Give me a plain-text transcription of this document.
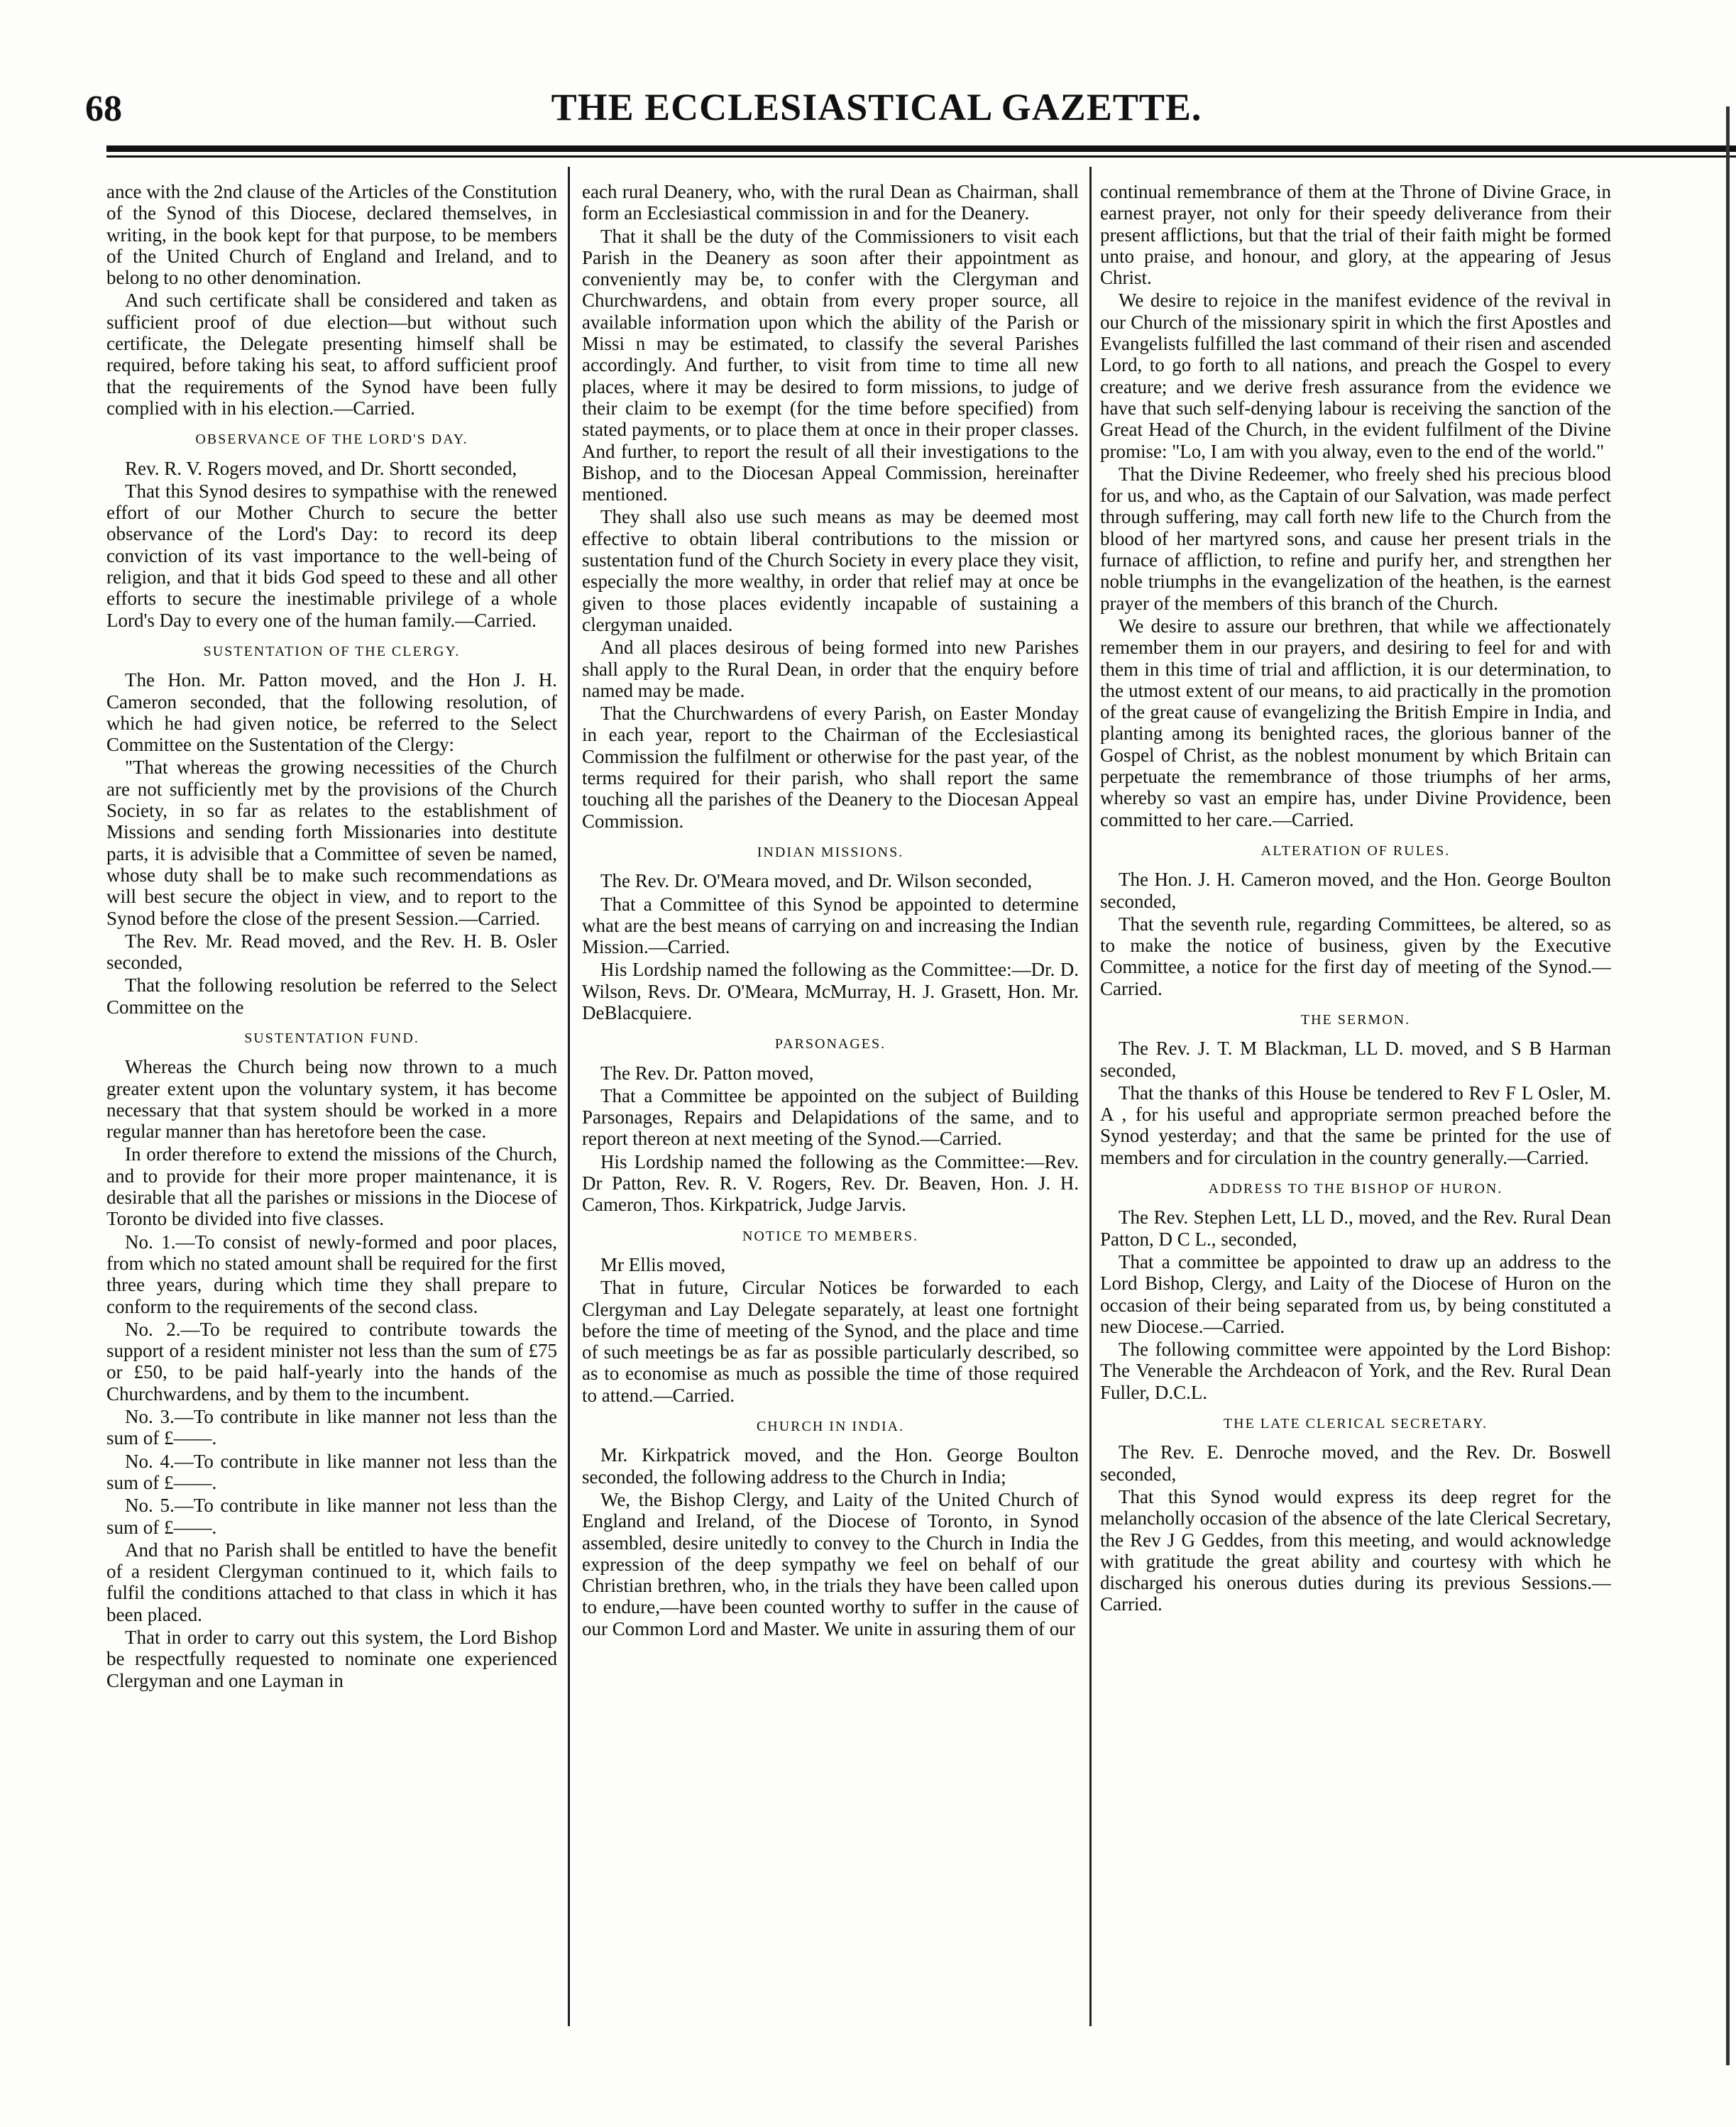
68	THE ECCLESIASTICAL GAZETTE.

ance with the 2nd clause of the Articles of the Constitution of the Synod of this Diocese, declared themselves, in writing, in the book kept for that purpose, to be members of the United Church of England and Ireland, and to belong to no other denomination.

And such certificate shall be considered and taken as sufficient proof of due election—but without such certificate, the Delegate presenting himself shall be required, before taking his seat, to afford sufficient proof that the requirements of the Synod have been fully complied with in his election.—Carried.

OBSERVANCE OF THE LORD'S DAY.

Rev. R. V. Rogers moved, and Dr. Shortt seconded,

That this Synod desires to sympathise with the renewed effort of our Mother Church to secure the better observance of the Lord's Day: to record its deep conviction of its vast importance to the well-being of religion, and that it bids God speed to these and all other efforts to secure the inestimable privilege of a whole Lord's Day to every one of the human family.—Carried.

SUSTENTATION OF THE CLERGY.

The Hon. Mr. Patton moved, and the Hon J. H. Cameron seconded, that the following resolution, of which he had given notice, be referred to the Select Committee on the Sustentation of the Clergy:

"That whereas the growing necessities of the Church are not sufficiently met by the provisions of the Church Society, in so far as relates to the establishment of Missions and sending forth Missionaries into destitute parts, it is advisible that a Committee of seven be named, whose duty shall be to make such recommendations as will best secure the object in view, and to report to the Synod before the close of the present Session.—Carried.

The Rev. Mr. Read moved, and the Rev. H. B. Osler seconded,

That the following resolution be referred to the Select Committee on the

SUSTENTATION FUND.

Whereas the Church being now thrown to a much greater extent upon the voluntary system, it has become necessary that that system should be worked in a more regular manner than has heretofore been the case.

In order therefore to extend the missions of the Church, and to provide for their more proper maintenance, it is desirable that all the parishes or missions in the Diocese of Toronto be divided into five classes.

No. 1.—To consist of newly-formed and poor places, from which no stated amount shall be required for the first three years, during which time they shall prepare to conform to the requirements of the second class.

No. 2.—To be required to contribute towards the support of a resident minister not less than the sum of £75 or £50, to be paid half-yearly into the hands of the Churchwardens, and by them to the incumbent.

No. 3.—To contribute in like manner not less than the sum of £——.

No. 4.—To contribute in like manner not less than the sum of £——.

No. 5.—To contribute in like manner not less than the sum of £——.

And that no Parish shall be entitled to have the benefit of a resident Clergyman continued to it, which fails to fulfil the conditions attached to that class in which it has been placed.

That in order to carry out this system, the Lord Bishop be respectfully requested to nominate one experienced Clergyman and one Layman in

each rural Deanery, who, with the rural Dean as Chairman, shall form an Ecclesiastical commission in and for the Deanery.

That it shall be the duty of the Commissioners to visit each Parish in the Deanery as soon after their appointment as conveniently may be, to confer with the Clergyman and Churchwardens, and obtain from every proper source, all available information upon which the ability of the Parish or Missi n may be estimated, to classify the several Parishes accordingly. And further, to visit from time to time all new places, where it may be desired to form missions, to judge of their claim to be exempt (for the time before specified) from stated payments, or to place them at once in their proper classes. And further, to report the result of all their investigations to the Bishop, and to the Diocesan Appeal Commission, hereinafter mentioned.

They shall also use such means as may be deemed most effective to obtain liberal contributions to the mission or sustentation fund of the Church Society in every place they visit, especially the more wealthy, in order that relief may at once be given to those places evidently incapable of sustaining a clergyman unaided.

And all places desirous of being formed into new Parishes shall apply to the Rural Dean, in order that the enquiry before named may be made.

That the Churchwardens of every Parish, on Easter Monday in each year, report to the Chairman of the Ecclesiastical Commission the fulfilment or otherwise for the past year, of the terms required for their parish, who shall report the same touching all the parishes of the Deanery to the Diocesan Appeal Commission.

INDIAN MISSIONS.

The Rev. Dr. O'Meara moved, and Dr. Wilson seconded,

That a Committee of this Synod be appointed to determine what are the best means of carrying on and increasing the Indian Mission.—Carried.

His Lordship named the following as the Committee:—Dr. D. Wilson, Revs. Dr. O'Meara, McMurray, H. J. Grasett, Hon. Mr. DeBlacquiere.

PARSONAGES.

The Rev. Dr. Patton moved,

That a Committee be appointed on the subject of Building Parsonages, Repairs and Delapidations of the same, and to report thereon at next meeting of the Synod.—Carried.

His Lordship named the following as the Committee:—Rev. Dr Patton, Rev. R. V. Rogers, Rev. Dr. Beaven, Hon. J. H. Cameron, Thos. Kirkpatrick, Judge Jarvis.

NOTICE TO MEMBERS.

Mr Ellis moved,

That in future, Circular Notices be forwarded to each Clergyman and Lay Delegate separately, at least one fortnight before the time of meeting of the Synod, and the place and time of such meetings be as far as possible particularly described, so as to economise as much as possible the time of those required to attend.—Carried.

CHURCH IN INDIA.

Mr. Kirkpatrick moved, and the Hon. George Boulton seconded, the following address to the Church in India;

We, the Bishop Clergy, and Laity of the United Church of England and Ireland, of the Diocese of Toronto, in Synod assembled, desire unitedly to convey to the Church in India the expression of the deep sympathy we feel on behalf of our Christian brethren, who, in the trials they have been called upon to endure,—have been counted worthy to suffer in the cause of our Common Lord and Master. We unite in assuring them of our

continual remembrance of them at the Throne of Divine Grace, in earnest prayer, not only for their speedy deliverance from their present afflictions, but that the trial of their faith might be formed unto praise, and honour, and glory, at the appearing of Jesus Christ.

We desire to rejoice in the manifest evidence of the revival in our Church of the missionary spirit in which the first Apostles and Evangelists fulfilled the last command of their risen and ascended Lord, to go forth to all nations, and preach the Gospel to every creature; and we derive fresh assurance from the evidence we have that such self-denying labour is receiving the sanction of the Great Head of the Church, in the evident fulfilment of the Divine promise: "Lo, I am with you alway, even to the end of the world."

That the Divine Redeemer, who freely shed his precious blood for us, and who, as the Captain of our Salvation, was made perfect through suffering, may call forth new life to the Church from the blood of her martyred sons, and cause her present trials in the furnace of affliction, to refine and purify her, and strengthen her noble triumphs in the evangelization of the heathen, is the earnest prayer of the members of this branch of the Church.

We desire to assure our brethren, that while we affectionately remember them in our prayers, and desiring to feel for and with them in this time of trial and affliction, it is our determination, to the utmost extent of our means, to aid practically in the promotion of the great cause of evangelizing the British Empire in India, and planting among its benighted races, the glorious banner of the Gospel of Christ, as the noblest monument by which Britain can perpetuate the remembrance of those triumphs of her arms, whereby so vast an empire has, under Divine Providence, been committed to her care.—Carried.

ALTERATION OF RULES.

The Hon. J. H. Cameron moved, and the Hon. George Boulton seconded,

That the seventh rule, regarding Committees, be altered, so as to make the notice of business, given by the Executive Committee, a notice for the first day of meeting of the Synod.—Carried.

THE SERMON.

The Rev. J. T. M Blackman, LL D. moved, and S B Harman seconded,

That the thanks of this House be tendered to Rev F L Osler, M. A , for his useful and appropriate sermon preached before the Synod yesterday; and that the same be printed for the use of members and for circulation in the country generally.—Carried.

ADDRESS TO THE BISHOP OF HURON.

The Rev. Stephen Lett, LL D., moved, and the Rev. Rural Dean Patton, D C L., seconded,

That a committee be appointed to draw up an address to the Lord Bishop, Clergy, and Laity of the Diocese of Huron on the occasion of their being separated from us, by being constituted a new Diocese.—Carried.

The following committee were appointed by the Lord Bishop: The Venerable the Archdeacon of York, and the Rev. Rural Dean Fuller, D.C.L.

THE LATE CLERICAL SECRETARY.

The Rev. E. Denroche moved, and the Rev. Dr. Boswell seconded,

That this Synod would express its deep regret for the melancholly occasion of the absence of the late Clerical Secretary, the Rev J G Geddes, from this meeting, and would acknowledge with gratitude the great ability and courtesy with which he discharged his onerous duties during its previous Sessions.—Carried.
